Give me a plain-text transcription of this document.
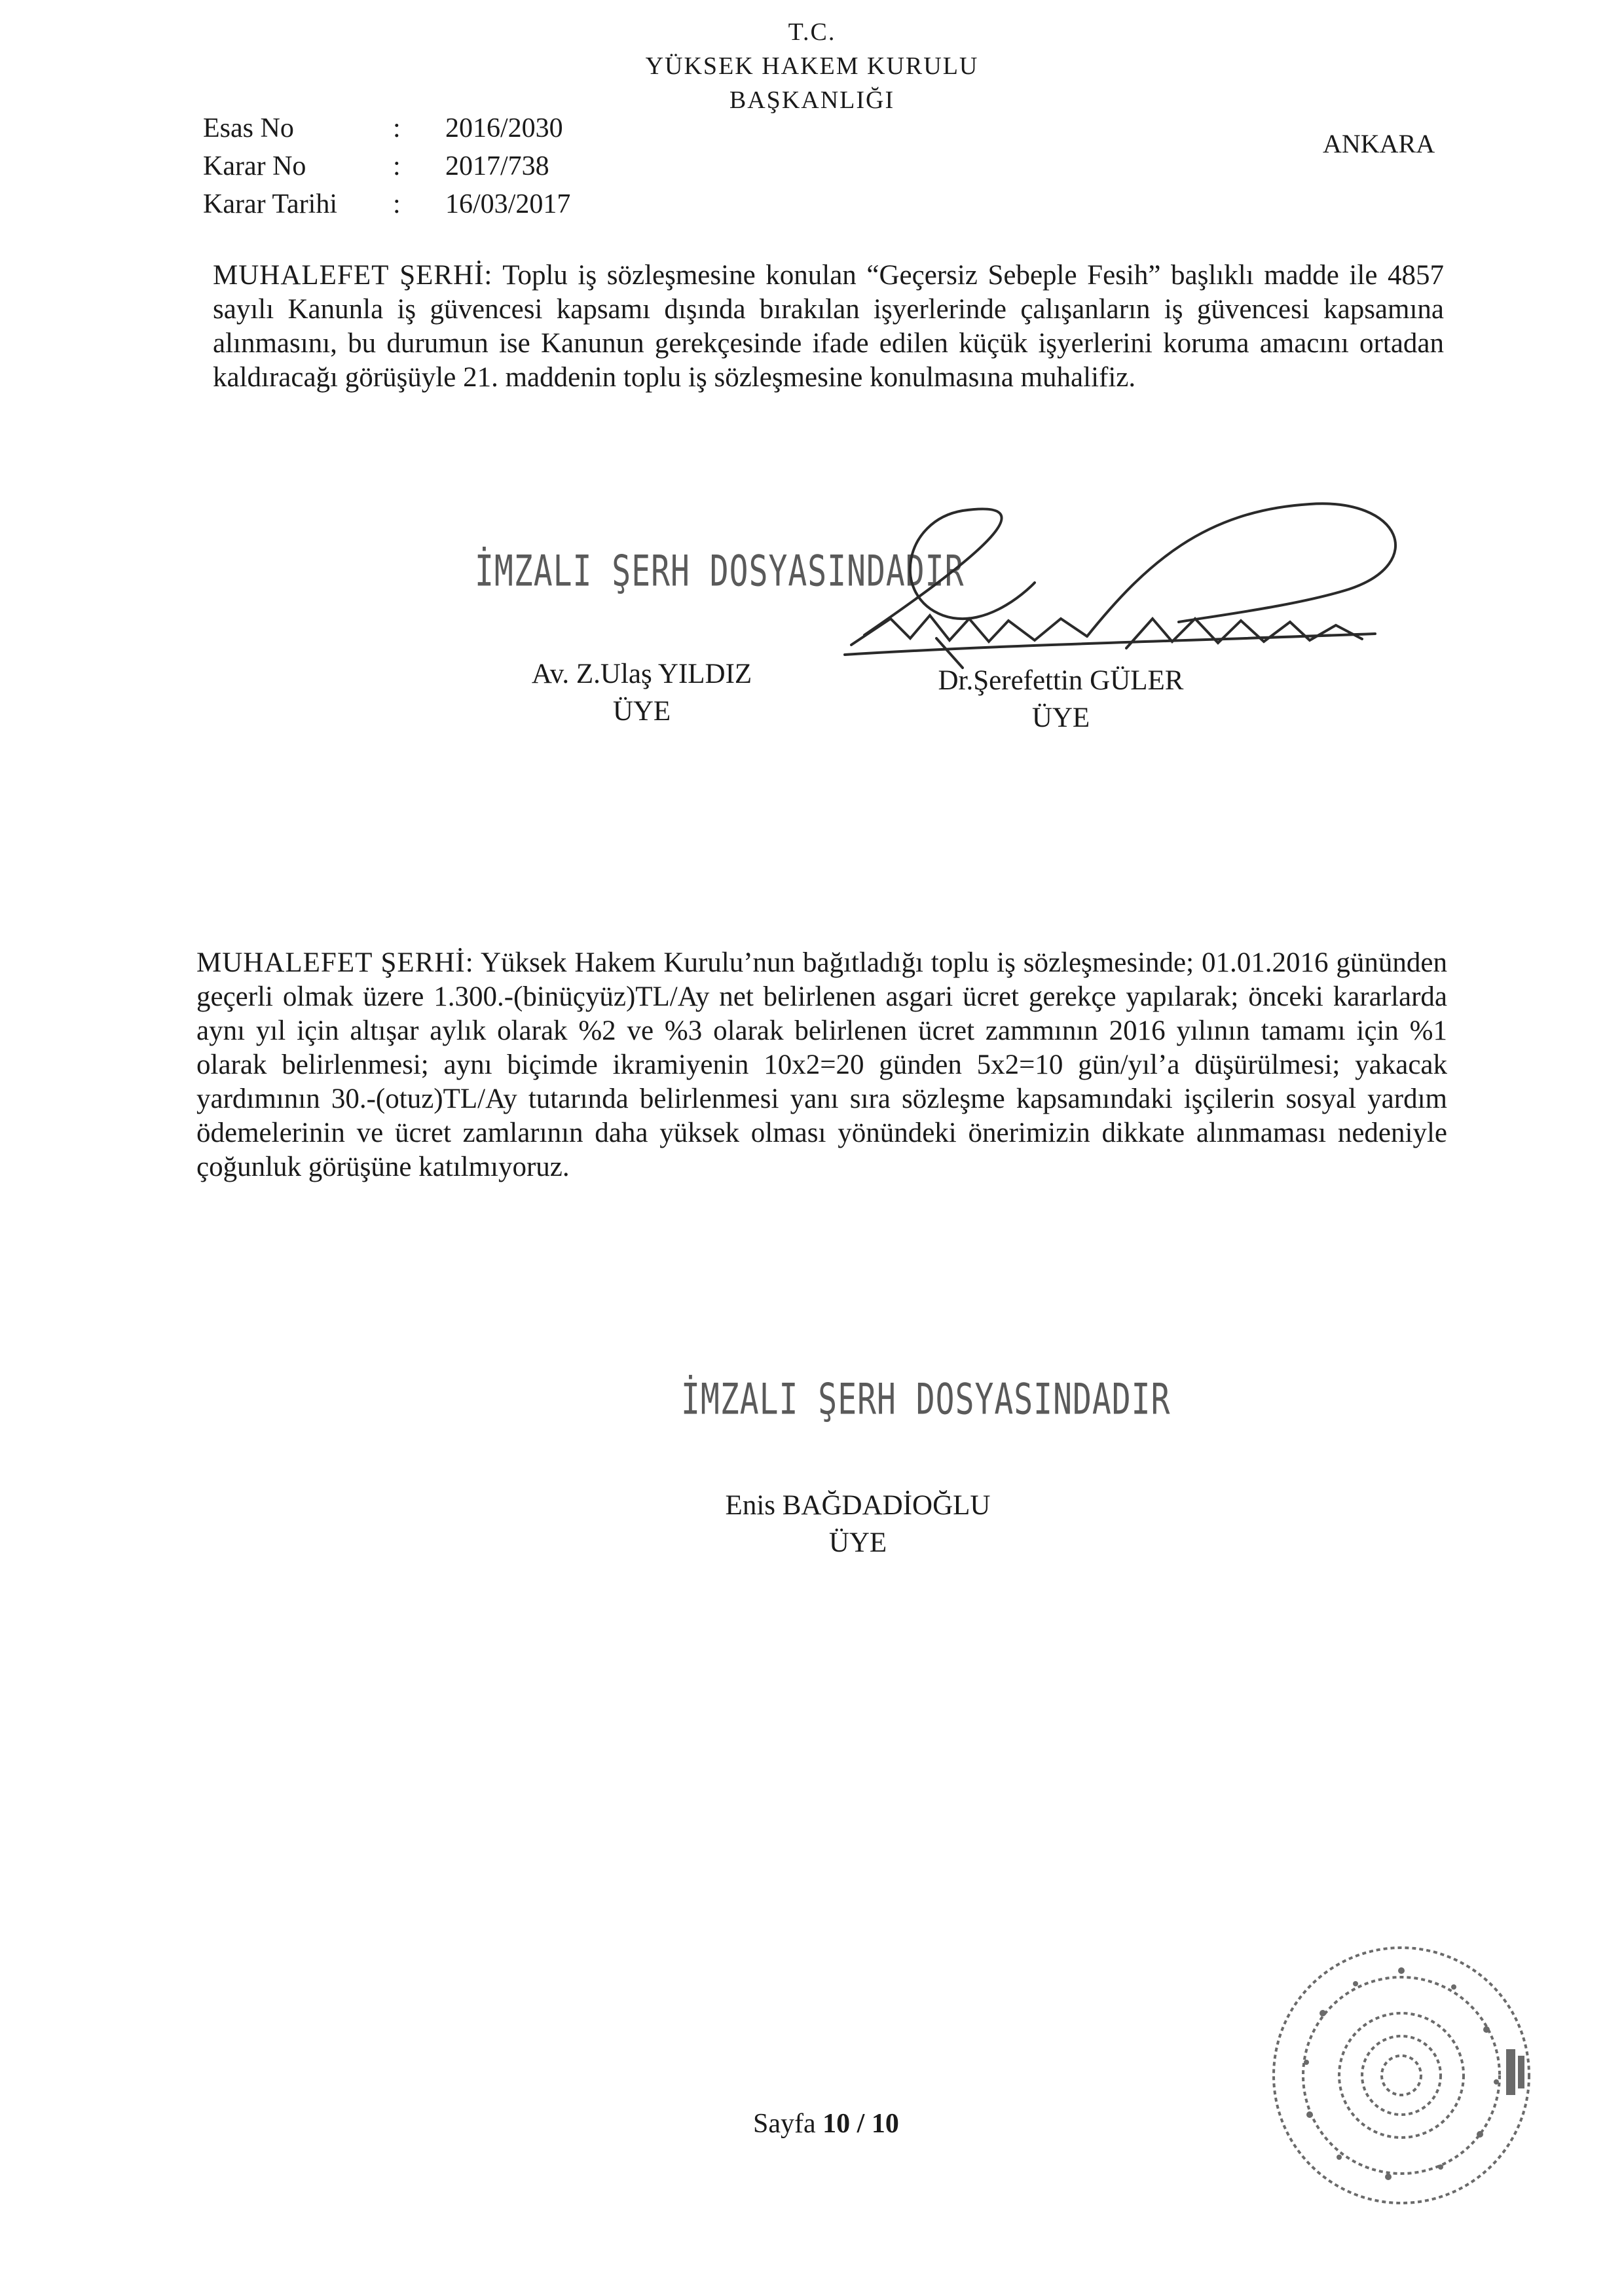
T.C.
YÜKSEK HAKEM KURULU
BAŞKANLIĞI
ANKARA
Esas No	: 2016/2030
Karar No	: 2017/738
Karar Tarihi : 16/03/2017
MUHALEFET ŞERHİ: Toplu iş sözleşmesine konulan “Geçersiz Sebeple Fesih” başlıklı madde ile 4857 sayılı Kanunla iş güvencesi kapsamı dışında bırakılan işyerlerinde çalışanların iş güvencesi kapsamına alınmasını, bu durumun ise Kanunun gerekçesinde ifade edilen küçük işyerlerini koruma amacını ortadan kaldıracağı görüşüyle 21. maddenin toplu iş sözleşmesine konulmasına muhalifiz.
İMZALI ŞERH DOSYASINDADIR
Av. Z.Ulaş YILDIZ
ÜYE
Dr.Şerefettin GÜLER
ÜYE
MUHALEFET ŞERHİ: Yüksek Hakem Kurulu’nun bağıtladığı toplu iş sözleşmesinde; 01.01.2016 gününden geçerli olmak üzere 1.300.-(binüçyüz)TL/Ay net belirlenen asgari ücret gerekçe yapılarak; önceki kararlarda aynı yıl için altışar aylık olarak %2 ve %3 olarak belirlenen ücret zammının 2016 yılının tamamı için %1 olarak belirlenmesi; aynı biçimde ikramiyenin 10x2=20 günden 5x2=10 gün/yıl’a düşürülmesi; yakacak yardımının 30.-(otuz)TL/Ay tutarında belirlenmesi yanı sıra sözleşme kapsamındaki işçilerin sosyal yardım ödemelerinin ve ücret zamlarının daha yüksek olması yönündeki önerimizin dikkate alınmaması nedeniyle çoğunluk görüşüne katılmıyoruz.
İMZALI ŞERH DOSYASINDADIR
Enis BAĞDADİOĞLU
ÜYE
Sayfa 10 / 10
